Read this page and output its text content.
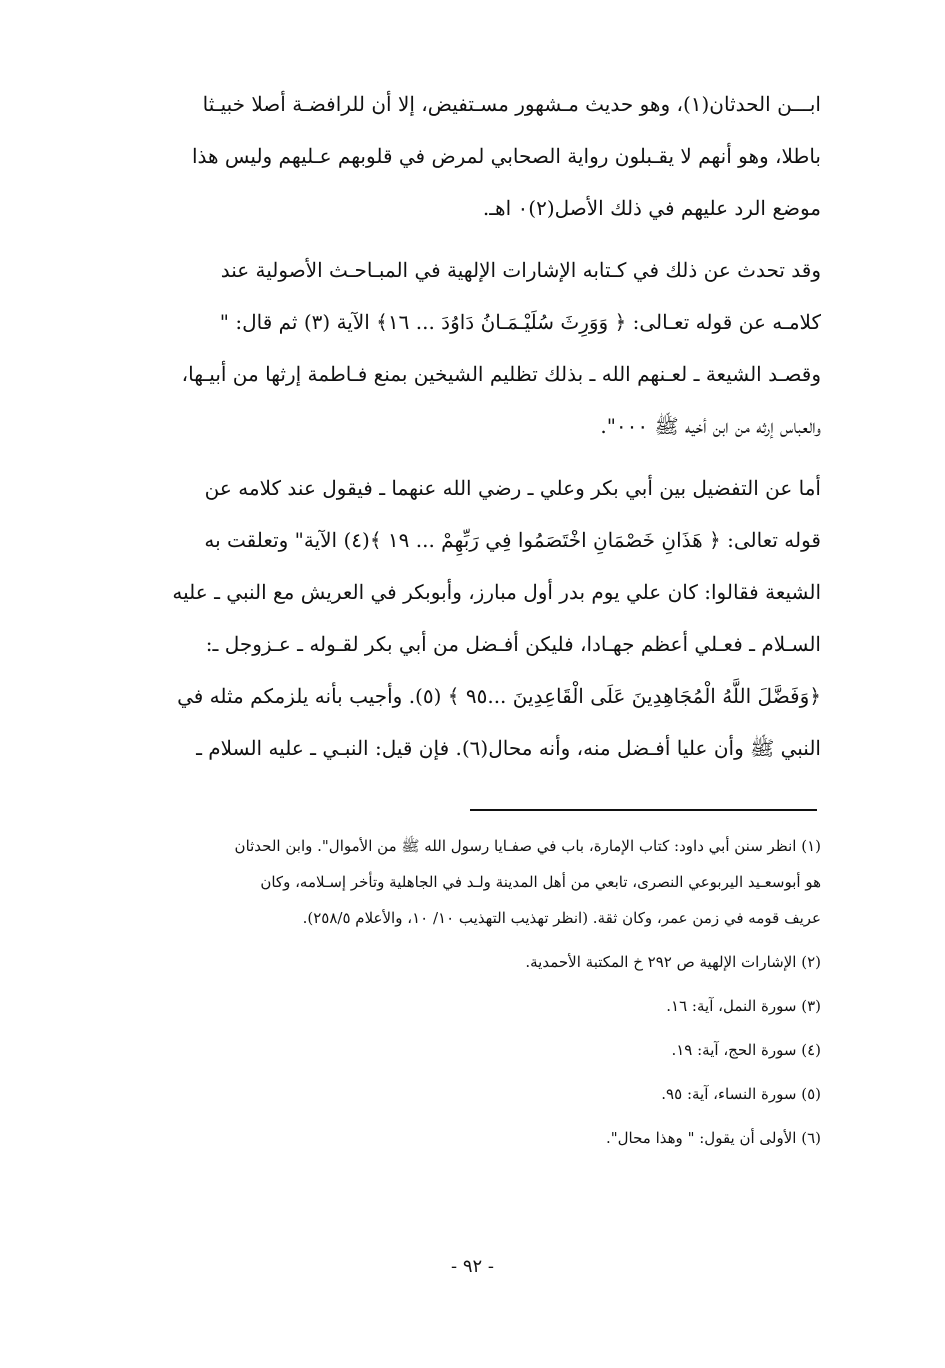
ابـــن الحدثان(١)، وهو حديث مـشهور مسـتفيض، إلا أن للرافضـة أصلا خبيـثا
باطلا، وهو أنهم لا يقـبلون رواية الصحابي لمرض في قلوبهم عـليهم وليس هذا
موضع الرد عليهم في ذلك الأصل(٢)٠ اهـ.
وقد تحدث عن ذلك في كـتابه الإشارات الإلهية في المبـاحـث الأصولية عند
كلامـه عن قوله تعـالى: ﴿ وَوَرِثَ سُلَيْـمَـانُ دَاوُدَ ... ١٦﴾ الآية (٣) ثم قال: "
وقصـد الشيعة ـ لعـنهم الله ـ بذلك تظليم الشيخين بمنع فـاطمة إرثها من أبيـها،
والعباس إرثه من ابن أخيه ﷺ ٠٠٠".
أما عن التفضيل بين أبي بكر وعلي ـ رضي الله عنهما ـ فيقول عند كلامه عن
قوله تعالى: ﴿ هَذَانِ خَصْمَانِ اخْتَصَمُوا فِي رَبِّهِمْ ... ١٩ ﴾(٤) الآية" وتعلقت به
الشيعة فقالوا: كان علي يوم بدر أول مبارز، وأبوبكر في العريش مع النبي ـ عليه
السـلام ـ فعـلي أعظم جهـادا، فليكن أفـضل من أبي بكر لقـوله ـ عـزوجل ـ:
﴿وَفَضَّلَ اللَّهُ الْمُجَاهِدِينَ عَلَى الْقَاعِدِينَ ...٩٥ ﴾ (٥). وأجيب بأنه يلزمكم مثله في
النبي ﷺ وأن عليا أفـضل منه، وأنه محال(٦). فإن قيل: النبـي ـ عليه السلام ـ
(١) انظر سنن أبي داود: كتاب الإمارة، باب في صفـايا رسول الله ﷺ من الأموال". وابن الحدثان
هو أبوسعـيد اليربوعي النصرى، تابعي من أهل المدينة ولـد في الجاهلية وتأخر إسـلامه، وكان
عريف قومه في زمن عمر، وكان ثقة. (انظر تهذيب التهذيب ١٠/ ١٠، والأعلام ٢٥٨/٥).
(٢) الإشارات الإلهية ص ٢٩٢ خ المكتبة الأحمدية.
(٣) سورة النمل، آية: ١٦.
(٤) سورة الحج، آية: ١٩.
(٥) سورة النساء، آية: ٩٥.
(٦) الأولى أن يقول: " وهذا محال".
- ٩٢ -
